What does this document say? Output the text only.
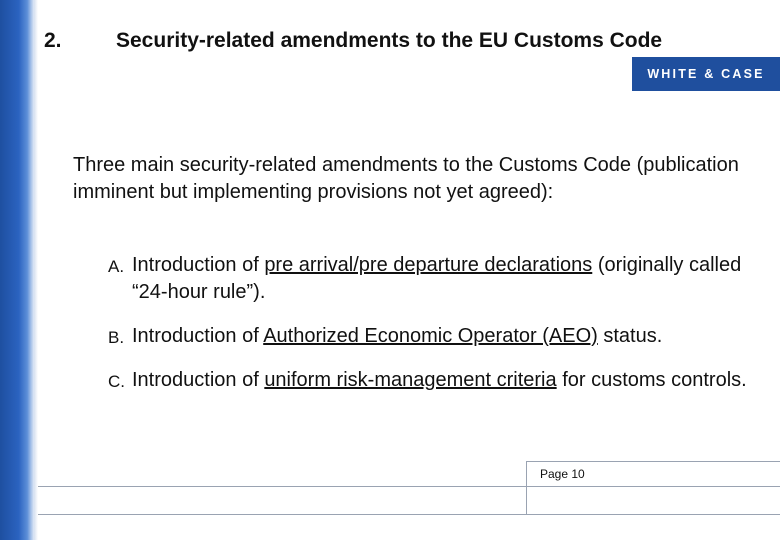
2.	Security-related amendments to the EU Customs Code
WHITE & CASE
Three main security-related amendments to the Customs Code (publication imminent but implementing provisions not yet agreed):
A. Introduction of pre arrival/pre departure declarations (originally called “24-hour rule”).
B. Introduction of Authorized Economic Operator (AEO) status.
C. Introduction of uniform risk-management criteria for customs controls.
Page 10
